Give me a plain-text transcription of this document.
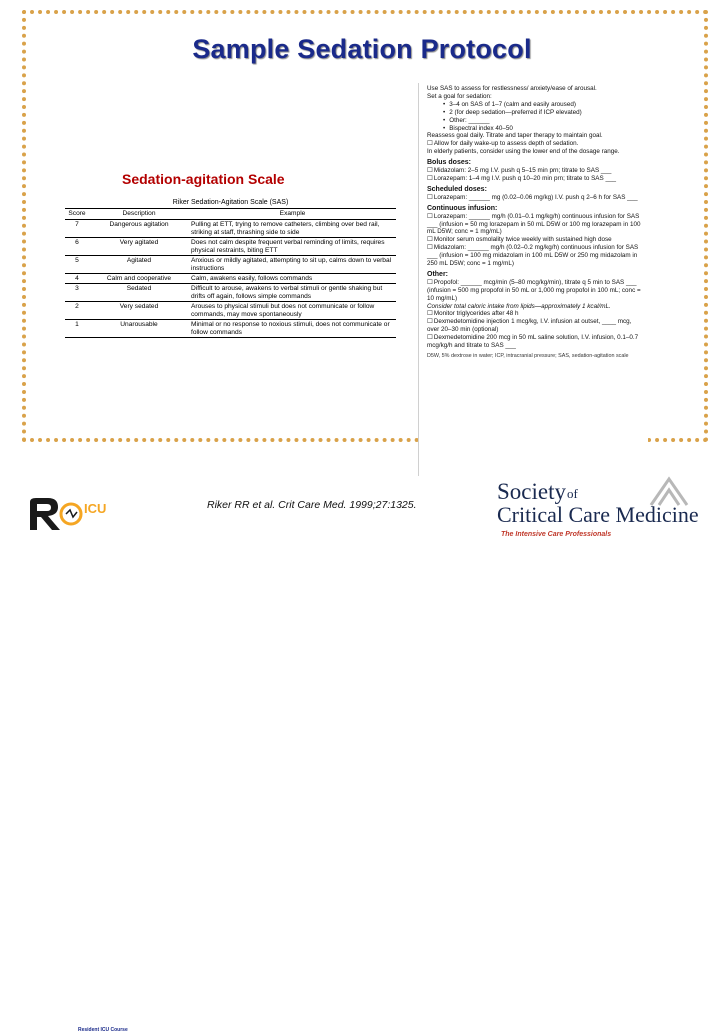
Sample Sedation Protocol
Sedation-agitation Scale
Riker Sedation-Agitation Scale (SAS)
Score	Description	Example
7	Dangerous agitation	Pulling at ETT, trying to remove catheters, climbing over bed rail, striking at staff, thrashing side to side
6	Very agitated	Does not calm despite frequent verbal reminding of limits, requires physical restraints, biting ETT
5	Agitated	Anxious or mildly agitated, attempting to sit up, calms down to verbal instructions
4	Calm and cooperative	Calm, awakens easily, follows commands
3	Sedated	Difficult to arouse, awakens to verbal stimuli or gentle shaking but drifts off again, follows simple commands
2	Very sedated	Arouses to physical stimuli but does not communicate or follow commands, may move spontaneously
1	Unarousable	Minimal or no response to noxious stimuli, does not communicate or follow commands

Use SAS to assess for restlessness/ anxiety/ease of arousal.

Set a goal for sedation:

• 3–4 on SAS of 1–7 (calm and easily aroused)

• 2 (for deep sedation—preferred if ICP elevated)

• Other: ______

• Bispectral index 40–50

Reassess goal daily. Titrate and taper therapy to maintain goal.

☐ Allow for daily wake-up to assess depth of sedation.

In elderly patients, consider using the lower end of the dosage range.

Bolus doses:

☐ Midazolam: 2–5 mg I.V. push q 5–15 min prn; titrate to SAS ___

☐ Lorazepam: 1–4 mg I.V. push q 10–20 min prn; titrate to SAS ___

Scheduled doses:

☐ Lorazepam: ______ mg (0.02–0.06 mg/kg) I.V. push q 2–6 h for SAS ___

Continuous infusion:

☐ Lorazepam: ______ mg/h (0.01–0.1 mg/kg/h) continuous infusion for SAS ___ (infusion = 50 mg lorazepam in 50 mL D5W or 100 mg lorazepam in 100 mL D5W; conc = 1 mg/mL)

☐ Monitor serum osmolality twice weekly with sustained high dose

☐ Midazolam: ______ mg/h (0.02–0.2 mg/kg/h) continuous infusion for SAS ___ (infusion = 100 mg midazolam in 100 mL D5W or 250 mg midazolam in 250 mL D5W; conc = 1 mg/mL)

Other:

☐ Propofol: ______ mcg/min (5–80 mcg/kg/min), titrate q 5 min to SAS ___

(infusion = 500 mg propofol in 50 mL or 1,000 mg propofol in 100 mL; conc = 10 mg/mL)

Consider total caloric intake from lipids—approximately 1 kcal/mL.

☐ Monitor triglycerides after 48 h

☐ Dexmedetomidine injection 1 mcg/kg, I.V. infusion at outset, ____ mcg, over 20–30 min (optional)

☐ Dexmedetomidine 200 mcg in 50 mL saline solution, I.V. infusion, 0.1–0.7 mcg/kg/h and titrate to SAS ___

D5W, 5% dextrose in water; ICP, intracranial pressure; SAS, sedation-agitation scale

ICU
Resident ICU Course
Riker RR et al. Crit Care Med. 1999;27:1325.
Society of
Critical Care Medicine
The Intensive Care Professionals
